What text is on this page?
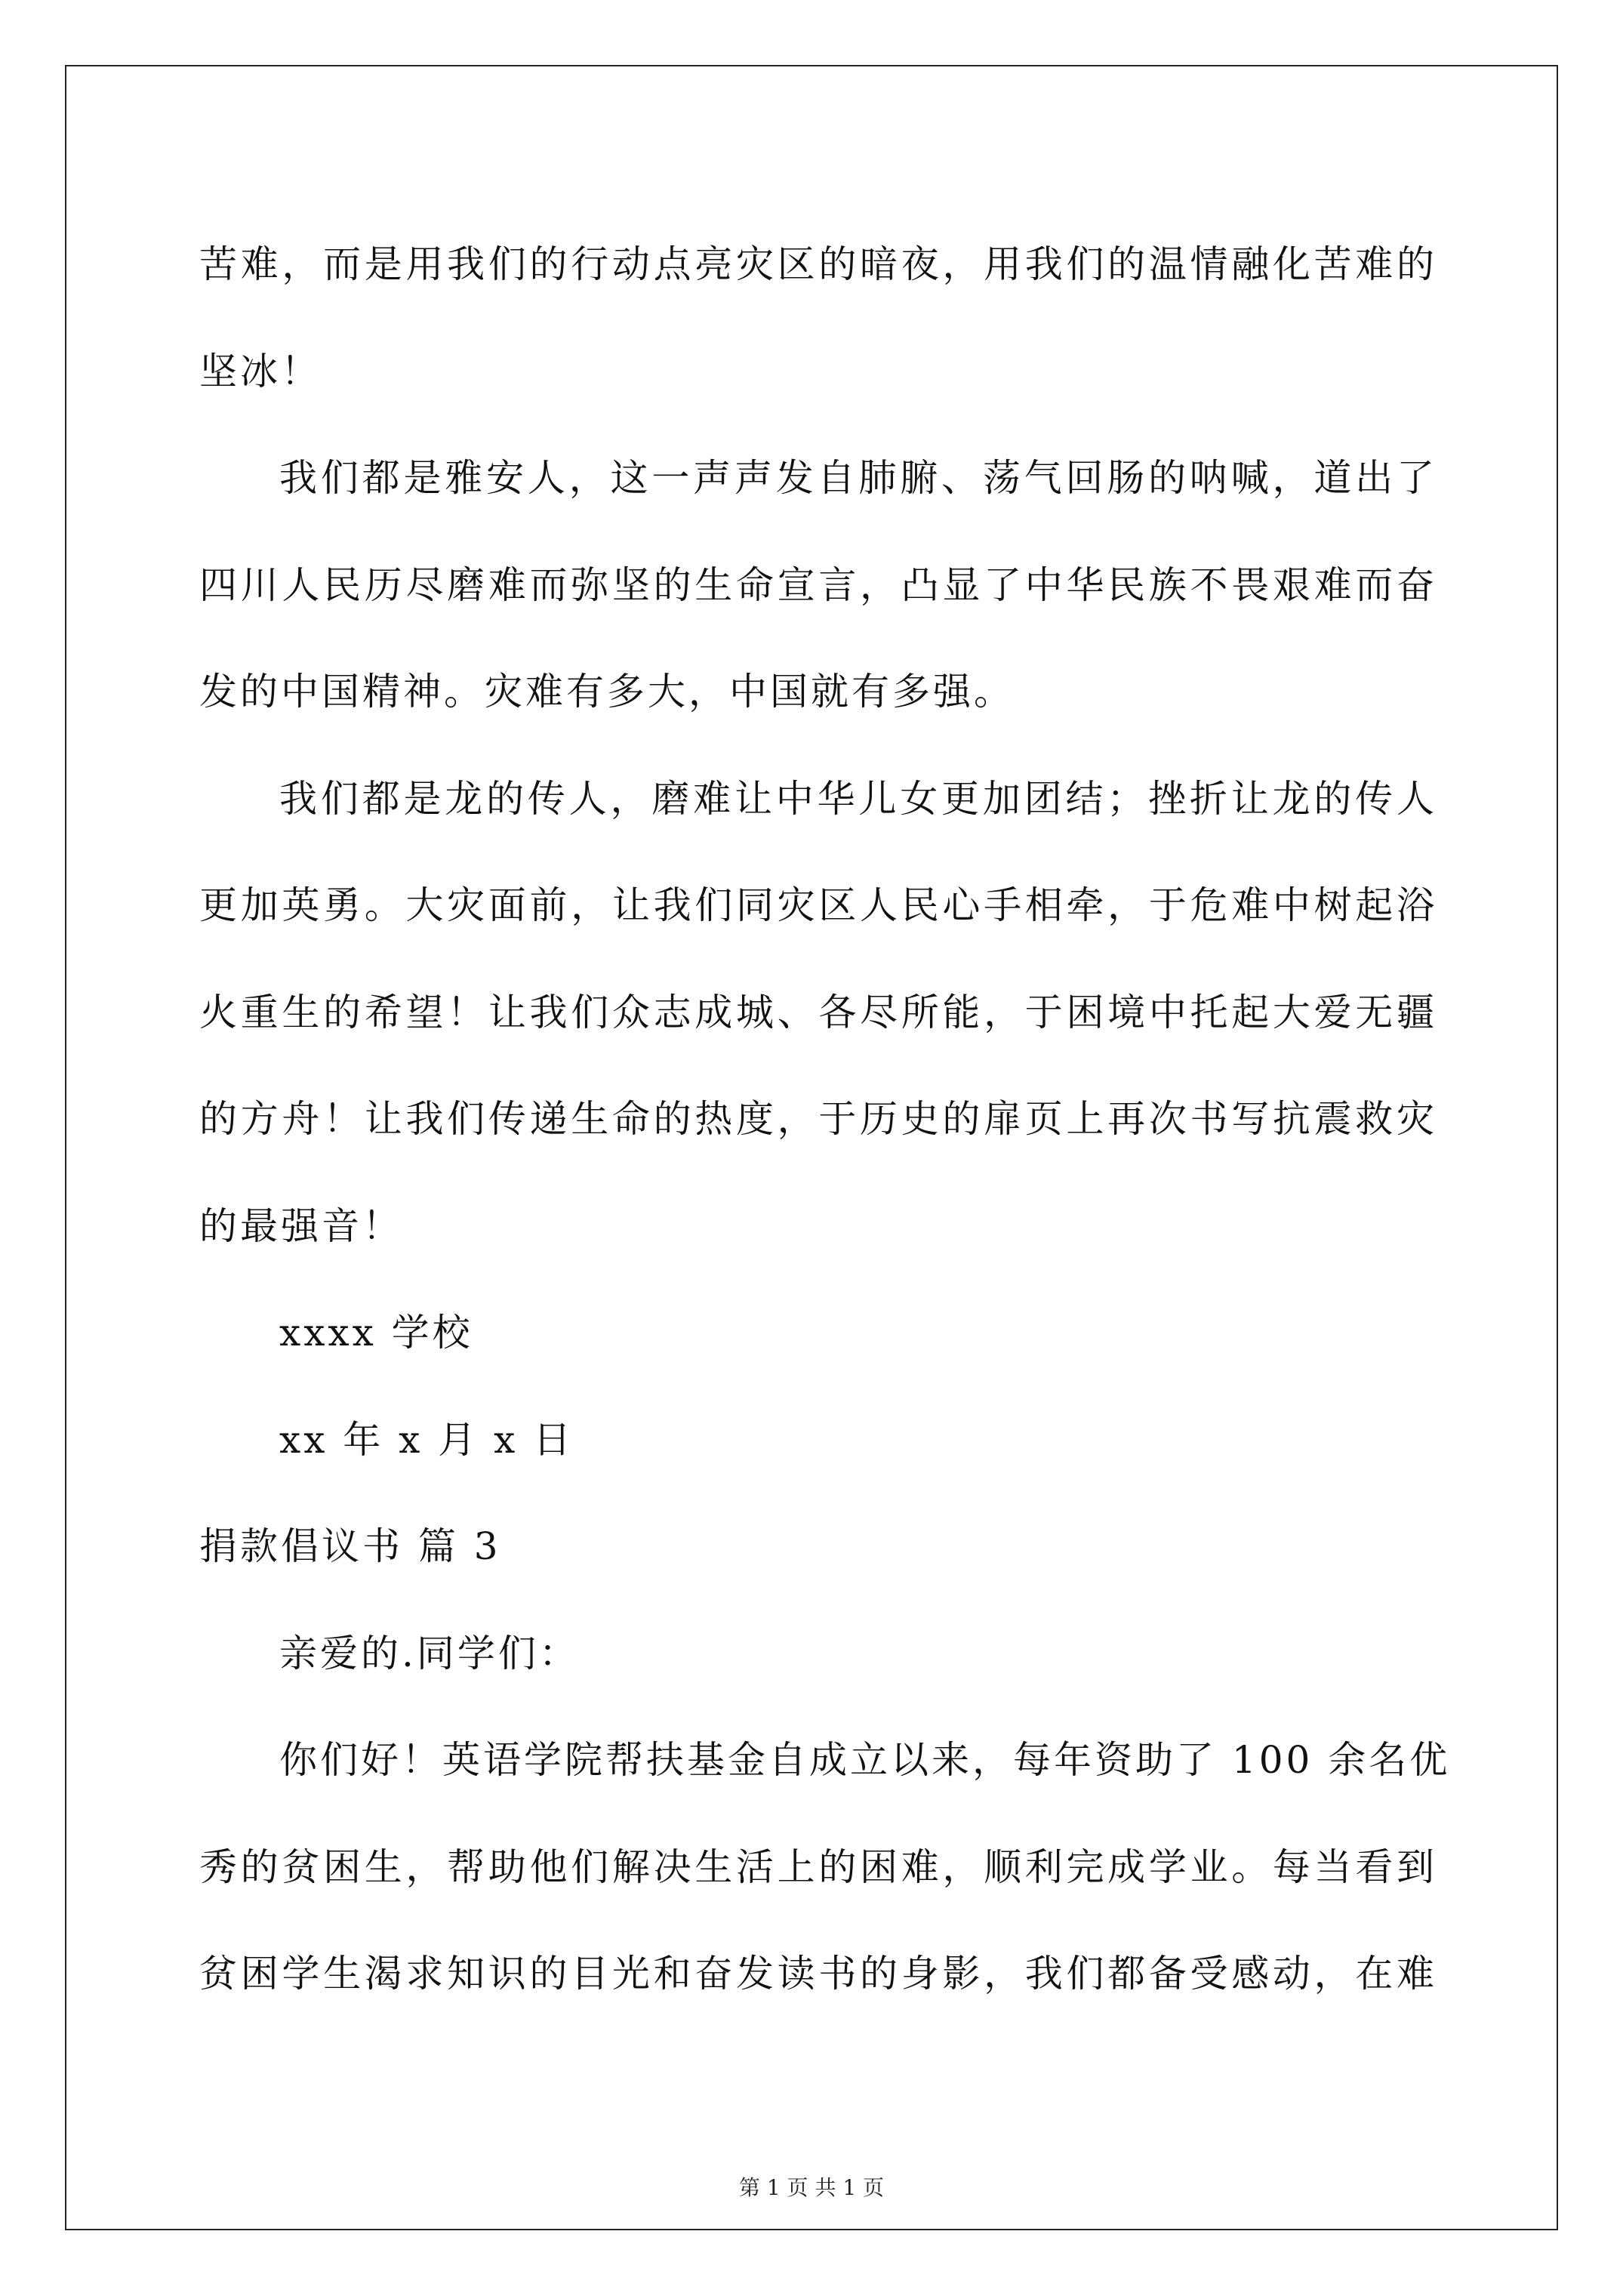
苦难，而是用我们的行动点亮灾区的暗夜，用我们的温情融化苦难的
坚冰！
我们都是雅安人，这一声声发自肺腑、荡气回肠的呐喊，道出了
四川人民历尽磨难而弥坚的生命宣言，凸显了中华民族不畏艰难而奋
发的中国精神。灾难有多大，中国就有多强。
我们都是龙的传人，磨难让中华儿女更加团结；挫折让龙的传人
更加英勇。大灾面前，让我们同灾区人民心手相牵，于危难中树起浴
火重生的希望！让我们众志成城、各尽所能，于困境中托起大爱无疆
的方舟！让我们传递生命的热度，于历史的扉页上再次书写抗震救灾
的最强音！
xxxx 学校
xx 年 x 月 x 日
捐款倡议书 篇 3
亲爱的.同学们：
你们好！英语学院帮扶基金自成立以来，每年资助了 100 余名优
秀的贫困生，帮助他们解决生活上的困难，顺利完成学业。每当看到
贫困学生渴求知识的目光和奋发读书的身影，我们都备受感动，在难
第 1 页 共 1 页
